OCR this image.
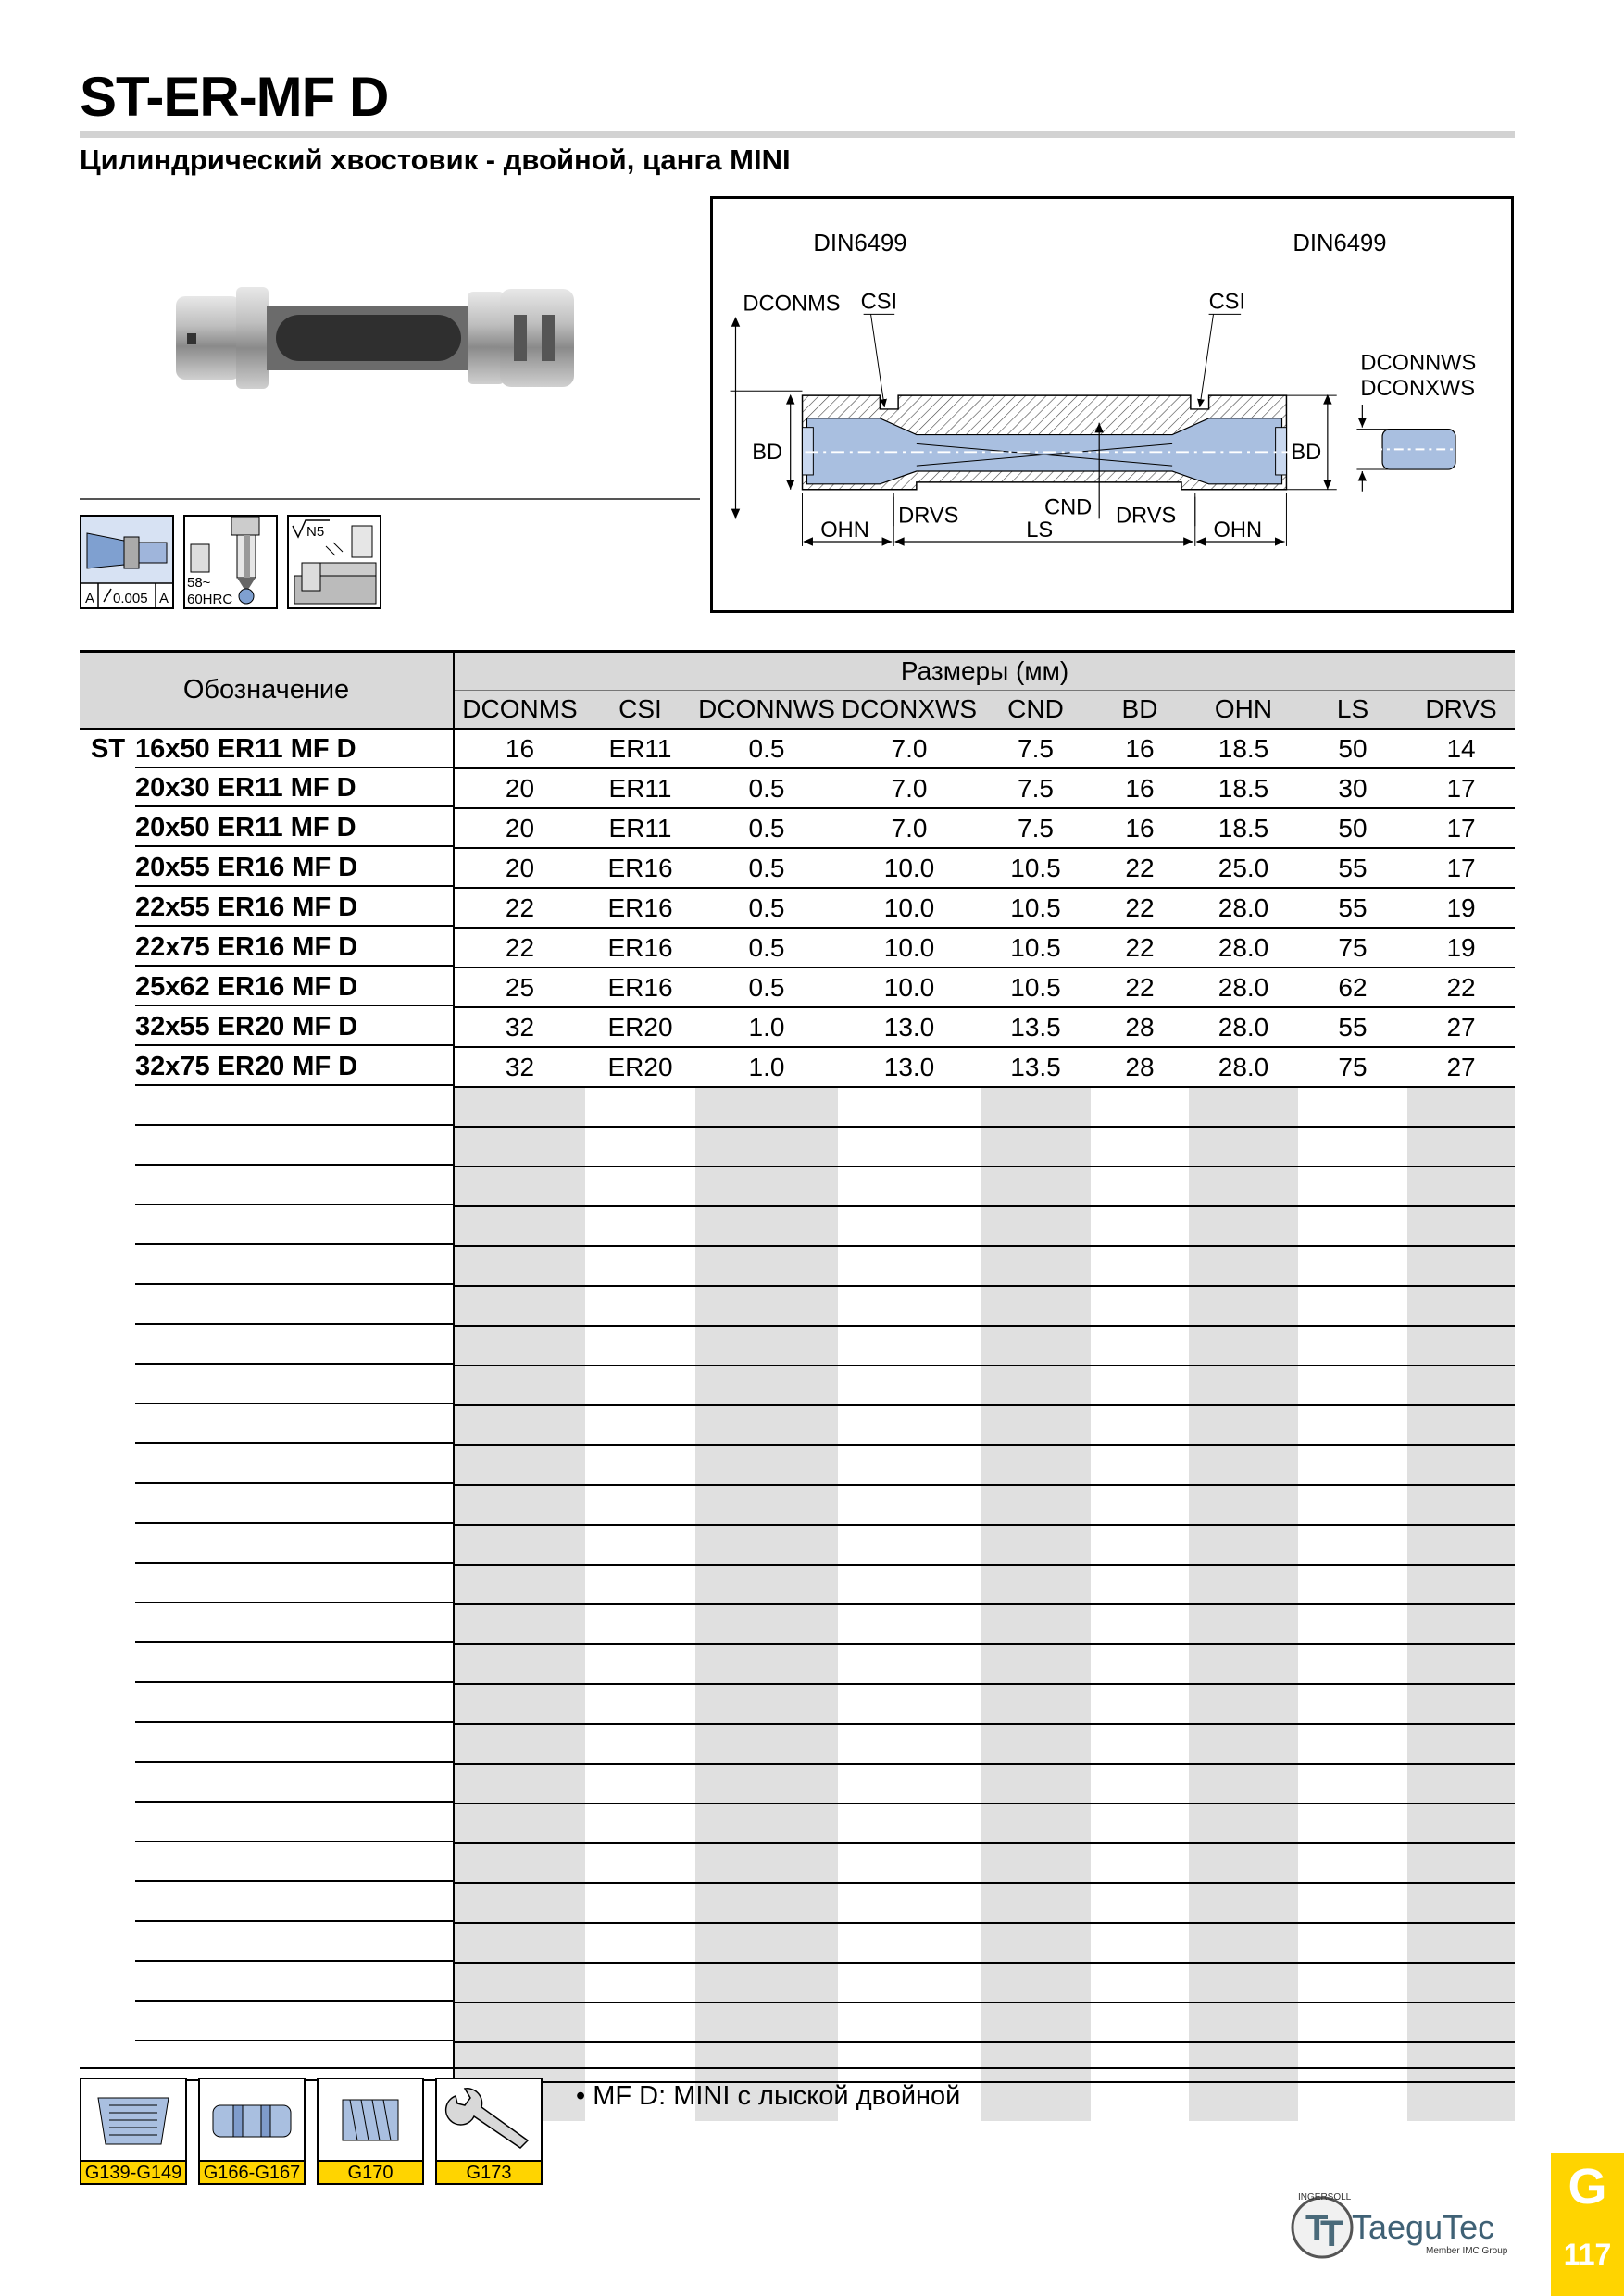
ST-ER-MF D
Цилиндрический хвостовик - двойной, цанга MINI
A 0.005 A
58~
60HRC
N5
DIN6499	DIN6499
DCONMS CSI	CSI
BD	BD
DCONNWS
DCONXWS
OHN	LS	OHN
DRVS	DRVS
CND
Обозначение	Размеры (мм)								
	DCONMS	CSI	DCONNWS	DCONXWS	CND	BD	OHN	LS	DRVS

ST 16x50 ER11 MF D	16	ER11	0.5	7.0	7.5	16	18.5	50	14

20x30 ER11 MF D	20	ER11	0.5	7.0	7.5	16	18.5	30	17

20x50 ER11 MF D	20	ER11	0.5	7.0	7.5	16	18.5	50	17

20x55 ER16 MF D	20	ER16	0.5	10.0	10.5	22	25.0	55	17

22x55 ER16 MF D	22	ER16	0.5	10.0	10.5	22	28.0	55	19

22x75 ER16 MF D	22	ER16	0.5	10.0	10.5	22	28.0	75	19

25x62 ER16 MF D	25	ER16	0.5	10.0	10.5	22	28.0	62	22

32x55 ER20 MF D	32	ER20	1.0	13.0	13.5	28	28.0	55	27

32x75 ER20 MF D	32	ER20	1.0	13.0	13.5	28	28.0	75	27

G139-G149 G166-G167	G170	G173
• MF D: MINI с лыской двойной
T
T
INGERSOLL
TaeguTec
Member IMC Group
G
117
